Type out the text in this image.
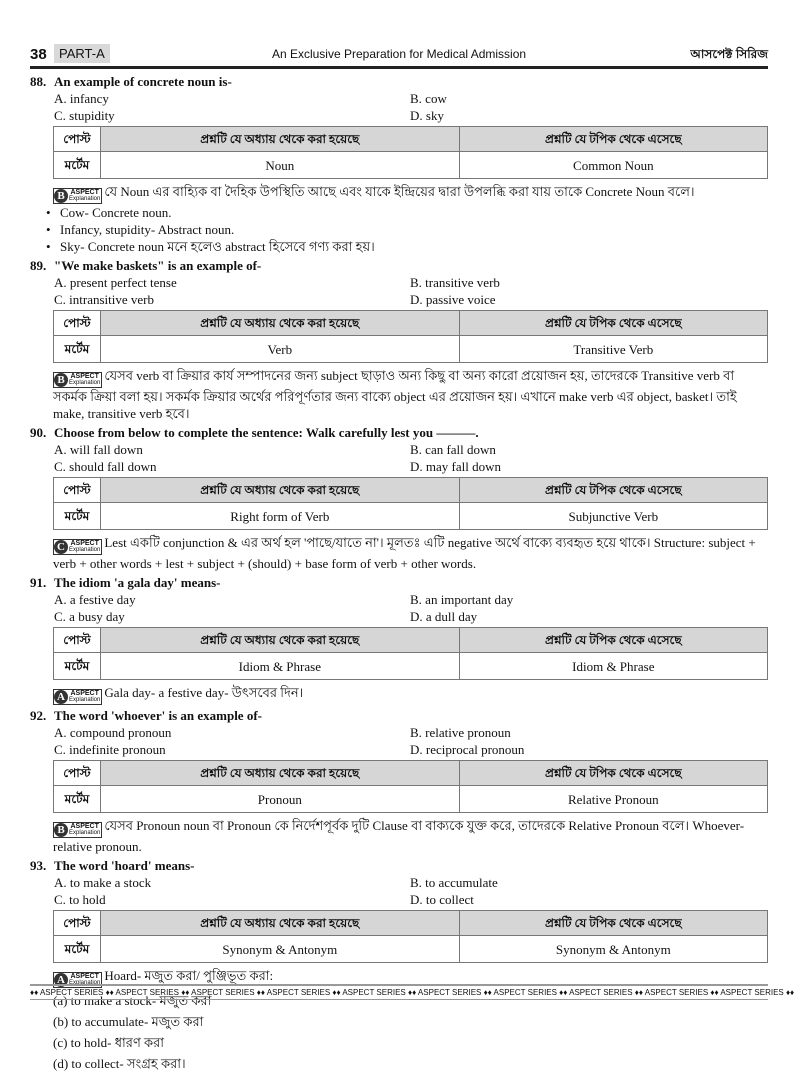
38 PART-A	An Exclusive Preparation for Medical Admission	আসপেক্ট সিরিজ
88. An example of concrete noun is-
A. infancy	B. cow
C. stupidity	D. sky
পোস্ট	প্রশ্নটি যে অধ্যায় থেকে করা হয়েছে	প্রশ্নটি যে টপিক থেকে এসেছে
মর্টেম	Noun	Common Noun
B ASPECT
Explanation যে Noun এর বাহ্যিক বা দৈহিক উপস্থিতি আছে এবং যাকে ইন্দ্রিয়ের দ্বারা উপলব্ধি করা যায় তাকে Concrete Noun বলে।
• Cow- Concrete noun.
• Infancy, stupidity- Abstract noun.
• Sky- Concrete noun মনে হলেও abstract হিসেবে গণ্য করা হয়।
89. "We make baskets" is an example of-
A. present perfect tense	B. transitive verb
C. intransitive verb	D. passive voice
পোস্ট	প্রশ্নটি যে অধ্যায় থেকে করা হয়েছে	প্রশ্নটি যে টপিক থেকে এসেছে
মর্টেম	Verb	Transitive Verb
B ASPECT
Explanation যেসব verb বা ক্রিয়ার কার্য সম্পাদনের জন্য subject ছাড়াও অন্য কিছু বা অন্য কারো প্রয়োজন হয়, তাদেরকে Transitive verb বা সকর্মক ক্রিয়া বলা হয়। সকর্মক ক্রিয়ার অর্থের পরিপূর্ণতার জন্য বাক্যে object এর প্রয়োজন হয়। এখানে make verb এর object, basket। তাই make, transitive verb হবে।
90. Choose from below to complete the sentence: Walk carefully lest you ———.
A. will fall down	B. can fall down
C. should fall down	D. may fall down
পোস্ট	প্রশ্নটি যে অধ্যায় থেকে করা হয়েছে	প্রশ্নটি যে টপিক থেকে এসেছে
মর্টেম	Right form of Verb	Subjunctive Verb
C ASPECT
Explanation Lest একটি conjunction & এর অর্থ হল 'পাছে/যাতে না'। মূলতঃ এটি negative অর্থে বাক্যে ব্যবহৃত হয়ে থাকে। Structure: subject + verb + other words + lest + subject + (should) + base form of verb + other words.
91. The idiom 'a gala day' means-
A. a festive day	B. an important day
C. a busy day	D. a dull day
পোস্ট	প্রশ্নটি যে অধ্যায় থেকে করা হয়েছে	প্রশ্নটি যে টপিক থেকে এসেছে
মর্টেম	Idiom & Phrase	Idiom & Phrase
A ASPECT
Explanation Gala day- a festive day- উৎসবের দিন।
92. The word 'whoever' is an example of-
A. compound pronoun	B. relative pronoun
C. indefinite pronoun	D. reciprocal pronoun
পোস্ট	প্রশ্নটি যে অধ্যায় থেকে করা হয়েছে	প্রশ্নটি যে টপিক থেকে এসেছে
মর্টেম	Pronoun	Relative Pronoun
B ASPECT
Explanation যেসব Pronoun noun বা Pronoun কে নির্দেশপূর্বক দুটি Clause বা বাক্যকে যুক্ত করে, তাদেরকে Relative Pronoun বলে। Whoever- relative pronoun.
93. The word 'hoard' means-
A. to make a stock	B. to accumulate
C. to hold	D. to collect
পোস্ট	প্রশ্নটি যে অধ্যায় থেকে করা হয়েছে	প্রশ্নটি যে টপিক থেকে এসেছে
মর্টেম	Synonym & Antonym	Synonym & Antonym
A ASPECT
Explanation Hoard- মজুত করা/ পুঞ্জিভূত করা:
(a) to make a stock- মজুত করা
(b) to accumulate- মজুত করা
(c) to hold- ধারণ করা
(d) to collect- সংগ্রহ করা।
♦♦ ASPECT SERIES ♦♦ ASPECT SERIES ♦♦ ASPECT SERIES ♦♦ ASPECT SERIES ♦♦ ASPECT SERIES ♦♦ ASPECT SERIES ♦♦ ASPECT SERIES ♦♦ ASPECT SERIES ♦♦ ASPECT SERIES ♦♦ ASPECT SERIES ♦♦
